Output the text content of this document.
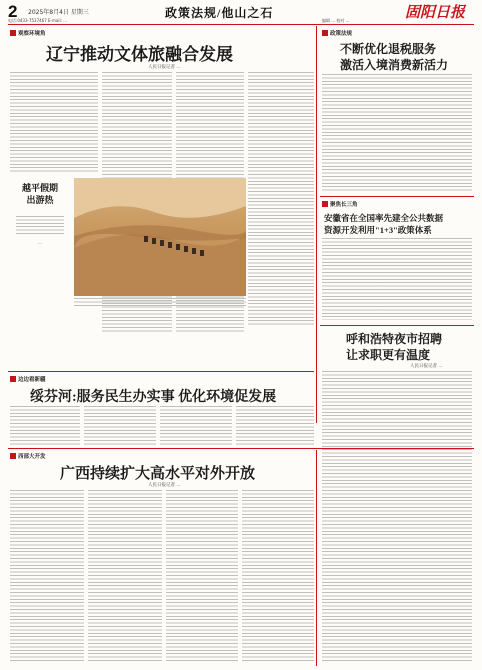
2 2025年8月4日 星期三	政策法规/他山之石	固阳日报
电话:0433-7537467 E-mail: ...	编辑 ... 校对 ...
观察环境角
辽宁推动文体旅融合发展
人民日报记者 ...
越平假期
出游热
...
政策法规
不断优化退税服务
激活入境消费新活力
聚焦长三角
安徽省在全国率先建全公共数据
资源开发利用"1+3"政策体系
呼和浩特夜市招聘
让求职更有温度
人民日报记者 ...
边边看新疆
绥芬河:服务民生办实事 优化环境促发展
西部大开发
广西持续扩大高水平对外开放
人民日报记者 ...
